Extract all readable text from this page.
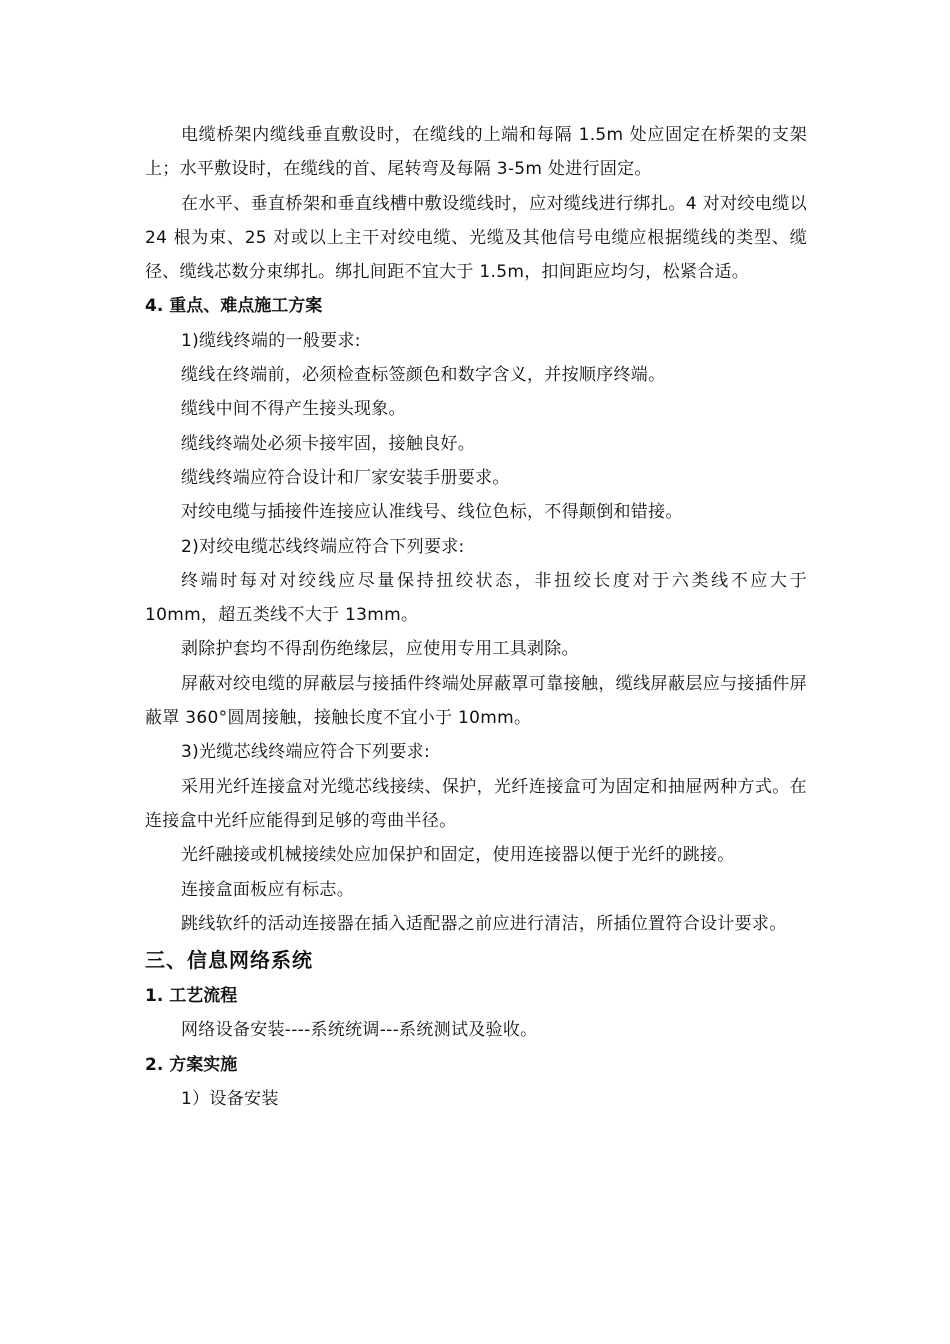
电缆桥架内缆线垂直敷设时，在缆线的上端和每隔 1.5m 处应固定在桥架的支架上；水平敷设时，在缆线的首、尾转弯及每隔 3-5m 处进行固定。

在水平、垂直桥架和垂直线槽中敷设缆线时，应对缆线进行绑扎。4 对对绞电缆以 24 根为束、25 对或以上主干对绞电缆、光缆及其他信号电缆应根据缆线的类型、缆径、缆线芯数分束绑扎。绑扎间距不宜大于 1.5m，扣间距应均匀，松紧合适。

4. 重点、难点施工方案

1)缆线终端的一般要求:

缆线在终端前，必须检查标签颜色和数字含义，并按顺序终端。

缆线中间不得产生接头现象。

缆线终端处必须卡接牢固，接触良好。

缆线终端应符合设计和厂家安装手册要求。

对绞电缆与插接件连接应认准线号、线位色标，不得颠倒和错接。

2)对绞电缆芯线终端应符合下列要求:

终端时每对对绞线应尽量保持扭绞状态，非扭绞长度对于六类线不应大于 10mm，超五类线不大于 13mm。

剥除护套均不得刮伤绝缘层，应使用专用工具剥除。

屏蔽对绞电缆的屏蔽层与接插件终端处屏蔽罩可靠接触，缆线屏蔽层应与接插件屏蔽罩 360°圆周接触，接触长度不宜小于 10mm。

3)光缆芯线终端应符合下列要求:

采用光纤连接盒对光缆芯线接续、保护，光纤连接盒可为固定和抽屉两种方式。在连接盒中光纤应能得到足够的弯曲半径。

光纤融接或机械接续处应加保护和固定，使用连接器以便于光纤的跳接。

连接盒面板应有标志。

跳线软纤的活动连接器在插入适配器之前应进行清洁，所插位置符合设计要求。

三、信息网络系统
1. 工艺流程

网络设备安装----系统统调---系统测试及验收。

2. 方案实施

1）设备安装
